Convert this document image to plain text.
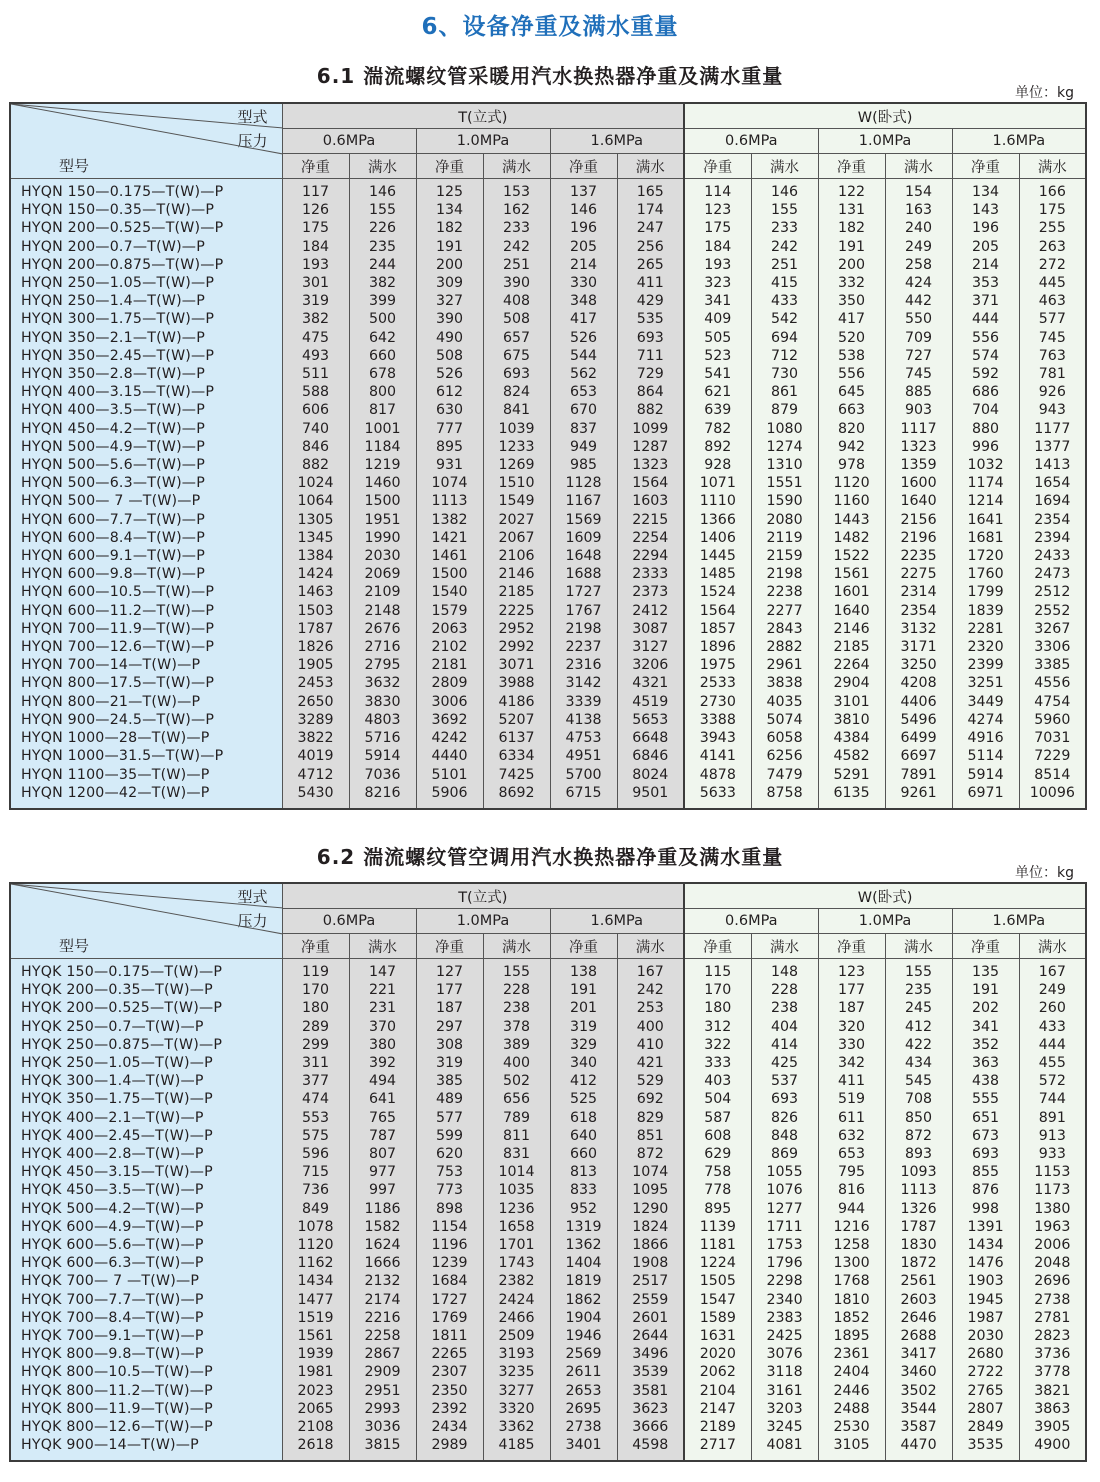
6、设备净重及满水重量
6.1 湍流螺纹管采暖用汽水换热器净重及满水重量
单位：kg
型式
压力
型号	T(立式)						W(卧式)					
	0.6MPa		1.0MPa		1.6MPa		0.6MPa		1.0MPa		1.6MPa	
	净重	满水	净重	满水	净重	满水	净重	满水	净重	满水	净重	满水
HYQN 150—0.175—T(W)—P	117	146	125	153	137	165	114	146	122	154	134	166
HYQN 150—0.35—T(W)—P	126	155	134	162	146	174	123	155	131	163	143	175
HYQN 200—0.525—T(W)—P	175	226	182	233	196	247	175	233	182	240	196	255
HYQN 200—0.7—T(W)—P	184	235	191	242	205	256	184	242	191	249	205	263
HYQN 200—0.875—T(W)—P	193	244	200	251	214	265	193	251	200	258	214	272
HYQN 250—1.05—T(W)—P	301	382	309	390	330	411	323	415	332	424	353	445
HYQN 250—1.4—T(W)—P	319	399	327	408	348	429	341	433	350	442	371	463
HYQN 300—1.75—T(W)—P	382	500	390	508	417	535	409	542	417	550	444	577
HYQN 350—2.1—T(W)—P	475	642	490	657	526	693	505	694	520	709	556	745
HYQN 350—2.45—T(W)—P	493	660	508	675	544	711	523	712	538	727	574	763
HYQN 350—2.8—T(W)—P	511	678	526	693	562	729	541	730	556	745	592	781
HYQN 400—3.15—T(W)—P	588	800	612	824	653	864	621	861	645	885	686	926
HYQN 400—3.5—T(W)—P	606	817	630	841	670	882	639	879	663	903	704	943
HYQN 450—4.2—T(W)—P	740	1001	777	1039	837	1099	782	1080	820	1117	880	1177
HYQN 500—4.9—T(W)—P	846	1184	895	1233	949	1287	892	1274	942	1323	996	1377
HYQN 500—5.6—T(W)—P	882	1219	931	1269	985	1323	928	1310	978	1359	1032	1413
HYQN 500—6.3—T(W)—P	1024	1460	1074	1510	1128	1564	1071	1551	1120	1600	1174	1654
HYQN 500— 7 —T(W)—P	1064	1500	1113	1549	1167	1603	1110	1590	1160	1640	1214	1694
HYQN 600—7.7—T(W)—P	1305	1951	1382	2027	1569	2215	1366	2080	1443	2156	1641	2354
HYQN 600—8.4—T(W)—P	1345	1990	1421	2067	1609	2254	1406	2119	1482	2196	1681	2394
HYQN 600—9.1—T(W)—P	1384	2030	1461	2106	1648	2294	1445	2159	1522	2235	1720	2433
HYQN 600—9.8—T(W)—P	1424	2069	1500	2146	1688	2333	1485	2198	1561	2275	1760	2473
HYQN 600—10.5—T(W)—P	1463	2109	1540	2185	1727	2373	1524	2238	1601	2314	1799	2512
HYQN 600—11.2—T(W)—P	1503	2148	1579	2225	1767	2412	1564	2277	1640	2354	1839	2552
HYQN 700—11.9—T(W)—P	1787	2676	2063	2952	2198	3087	1857	2843	2146	3132	2281	3267
HYQN 700—12.6—T(W)—P	1826	2716	2102	2992	2237	3127	1896	2882	2185	3171	2320	3306
HYQN 700—14—T(W)—P	1905	2795	2181	3071	2316	3206	1975	2961	2264	3250	2399	3385
HYQN 800—17.5—T(W)—P	2453	3632	2809	3988	3142	4321	2533	3838	2904	4208	3251	4556
HYQN 800—21—T(W)—P	2650	3830	3006	4186	3339	4519	2730	4035	3101	4406	3449	4754
HYQN 900—24.5—T(W)—P	3289	4803	3692	5207	4138	5653	3388	5074	3810	5496	4274	5960
HYQN 1000—28—T(W)—P	3822	5716	4242	6137	4753	6648	3943	6058	4384	6499	4916	7031
HYQN 1000—31.5—T(W)—P	4019	5914	4440	6334	4951	6846	4141	6256	4582	6697	5114	7229
HYQN 1100—35—T(W)—P	4712	7036	5101	7425	5700	8024	4878	7479	5291	7891	5914	8514
HYQN 1200—42—T(W)—P	5430	8216	5906	8692	6715	9501	5633	8758	6135	9261	6971	10096
6.2 湍流螺纹管空调用汽水换热器净重及满水重量
单位：kg
型式
压力
型号	T(立式)						W(卧式)					
	0.6MPa		1.0MPa		1.6MPa		0.6MPa		1.0MPa		1.6MPa	
	净重	满水	净重	满水	净重	满水	净重	满水	净重	满水	净重	满水
HYQK 150—0.175—T(W)—P	119	147	127	155	138	167	115	148	123	155	135	167
HYQK 200—0.35—T(W)—P	170	221	177	228	191	242	170	228	177	235	191	249
HYQK 200—0.525—T(W)—P	180	231	187	238	201	253	180	238	187	245	202	260
HYQK 250—0.7—T(W)—P	289	370	297	378	319	400	312	404	320	412	341	433
HYQK 250—0.875—T(W)—P	299	380	308	389	329	410	322	414	330	422	352	444
HYQK 250—1.05—T(W)—P	311	392	319	400	340	421	333	425	342	434	363	455
HYQK 300—1.4—T(W)—P	377	494	385	502	412	529	403	537	411	545	438	572
HYQK 350—1.75—T(W)—P	474	641	489	656	525	692	504	693	519	708	555	744
HYQK 400—2.1—T(W)—P	553	765	577	789	618	829	587	826	611	850	651	891
HYQK 400—2.45—T(W)—P	575	787	599	811	640	851	608	848	632	872	673	913
HYQK 400—2.8—T(W)—P	596	807	620	831	660	872	629	869	653	893	693	933
HYQK 450—3.15—T(W)—P	715	977	753	1014	813	1074	758	1055	795	1093	855	1153
HYQK 450—3.5—T(W)—P	736	997	773	1035	833	1095	778	1076	816	1113	876	1173
HYQK 500—4.2—T(W)—P	849	1186	898	1236	952	1290	895	1277	944	1326	998	1380
HYQK 600—4.9—T(W)—P	1078	1582	1154	1658	1319	1824	1139	1711	1216	1787	1391	1963
HYQK 600—5.6—T(W)—P	1120	1624	1196	1701	1362	1866	1181	1753	1258	1830	1434	2006
HYQK 600—6.3—T(W)—P	1162	1666	1239	1743	1404	1908	1224	1796	1300	1872	1476	2048
HYQK 700— 7 —T(W)—P	1434	2132	1684	2382	1819	2517	1505	2298	1768	2561	1903	2696
HYQK 700—7.7—T(W)—P	1477	2174	1727	2424	1862	2559	1547	2340	1810	2603	1945	2738
HYQK 700—8.4—T(W)—P	1519	2216	1769	2466	1904	2601	1589	2383	1852	2646	1987	2781
HYQK 700—9.1—T(W)—P	1561	2258	1811	2509	1946	2644	1631	2425	1895	2688	2030	2823
HYQK 800—9.8—T(W)—P	1939	2867	2265	3193	2569	3496	2020	3076	2361	3417	2680	3736
HYQK 800—10.5—T(W)—P	1981	2909	2307	3235	2611	3539	2062	3118	2404	3460	2722	3778
HYQK 800—11.2—T(W)—P	2023	2951	2350	3277	2653	3581	2104	3161	2446	3502	2765	3821
HYQK 800—11.9—T(W)—P	2065	2993	2392	3320	2695	3623	2147	3203	2488	3544	2807	3863
HYQK 800—12.6—T(W)—P	2108	3036	2434	3362	2738	3666	2189	3245	2530	3587	2849	3905
HYQK 900—14—T(W)—P	2618	3815	2989	4185	3401	4598	2717	4081	3105	4470	3535	4900
